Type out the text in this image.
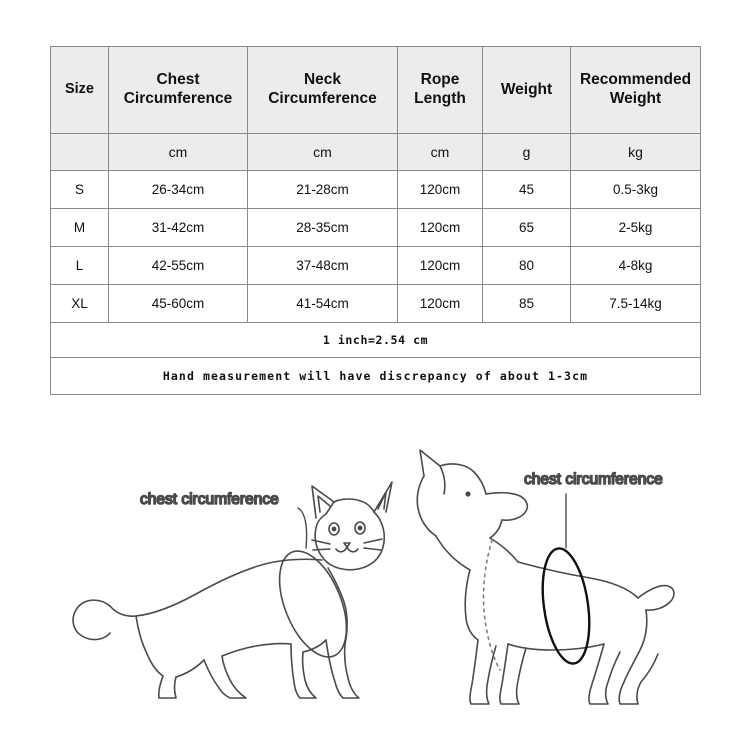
Size	Chest Circumference	Neck Circumference	Rope Length	Weight	Recommended Weight
	cm	cm	cm	g	kg
S	26-34cm	21-28cm	120cm	45	0.5-3kg
M	31-42cm	28-35cm	120cm	65	2-5kg
L	42-55cm	37-48cm	120cm	80	4-8kg
XL	45-60cm	41-54cm	120cm	85	7.5-14kg
1 inch=2.54 cm					
Hand measurement will have discrepancy of about 1-3cm					
chest circumference
chest circumference
